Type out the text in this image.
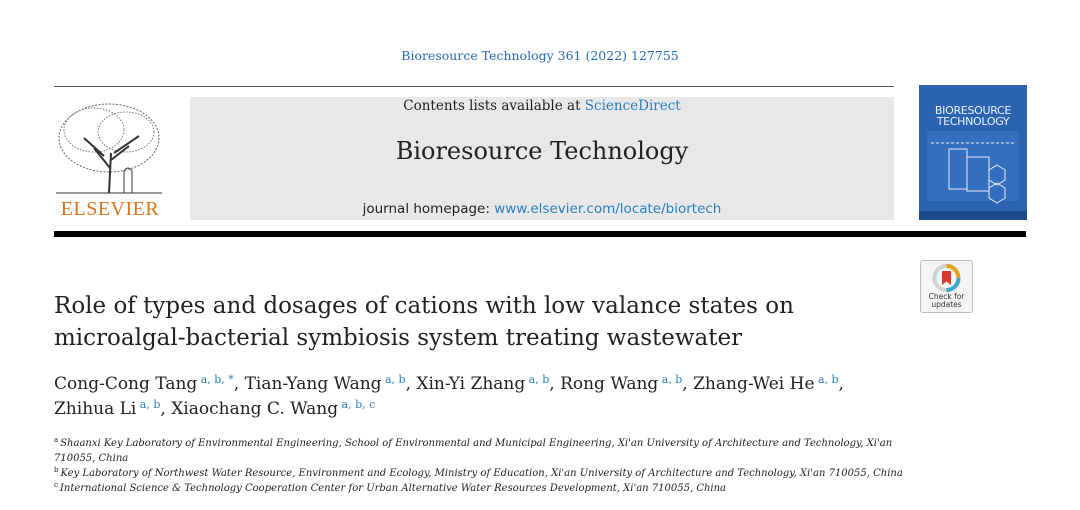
Bioresource Technology 361 (2022) 127755
ELSEVIER
Contents lists available at ScienceDirect
Bioresource Technology
journal homepage: www.elsevier.com/locate/biortech
BIORESOURCE
TECHNOLOGY
Check for
updates
Role of types and dosages of cations with low valance states on
microalgal-bacterial symbiosis system treating wastewater
Cong-Cong Tang  $^{a, b, *}$, Tian-Yang Wang  $^{a, b}$, Xin-Yi Zhang  $^{a, b}$, Rong Wang  $^{a, b}$, Zhang-Wei He  $^{a, b}$,
Zhihua Li  $^{a, b}$, Xiaochang C. Wang  $^{a, b, c}$
$^a$ Shaanxi Key Laboratory of Environmental Engineering, School of Environmental and Municipal Engineering, Xi'an University of Architecture and Technology, Xi'an 710055, China
$^b$ Key Laboratory of Northwest Water Resource, Environment and Ecology, Ministry of Education, Xi'an University of Architecture and Technology, Xi'an 710055, China
$^c$ International Science & Technology Cooperation Center for Urban Alternative Water Resources Development, Xi'an 710055, China
